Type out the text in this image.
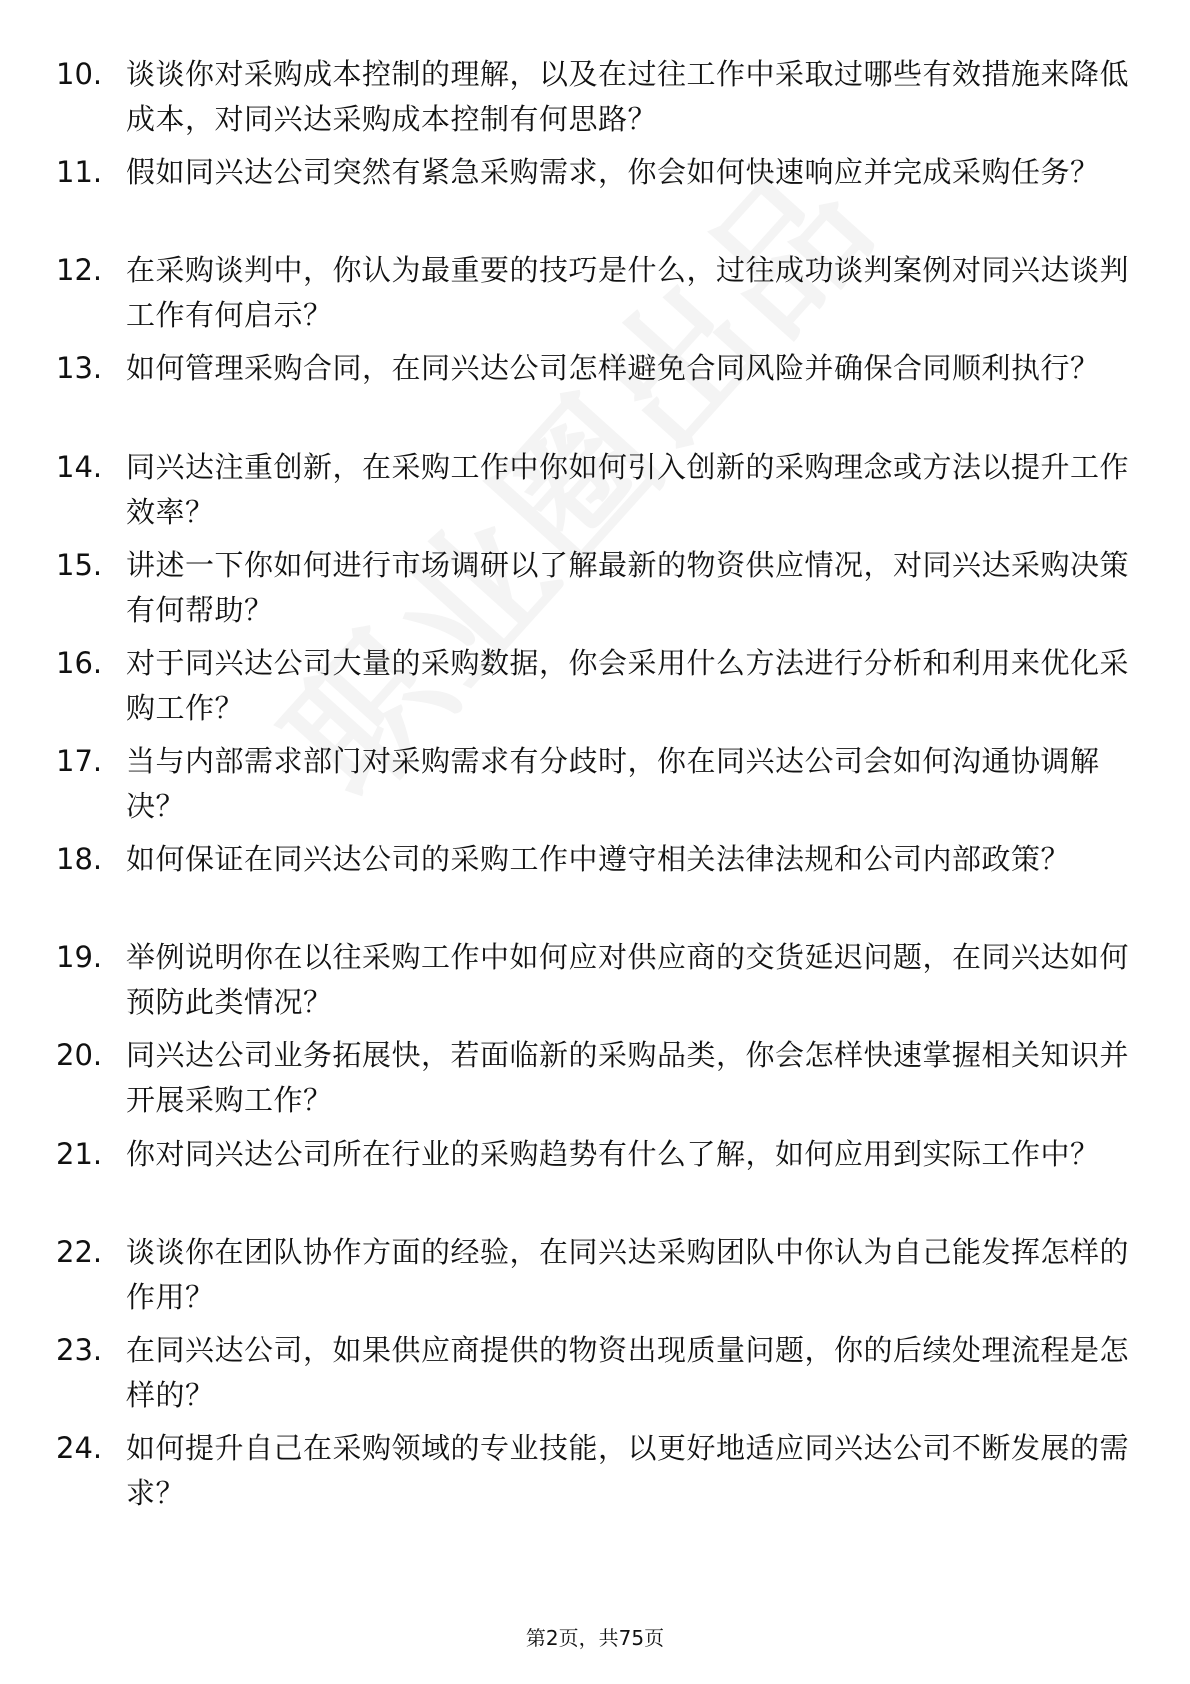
10. 谈谈你对采购成本控制的理解，以及在过往工作中采取过哪些有效措施来降低成本，对同兴达采购成本控制有何思路？
11. 假如同兴达公司突然有紧急采购需求，你会如何快速响应并完成采购任务？
12. 在采购谈判中，你认为最重要的技巧是什么，过往成功谈判案例对同兴达谈判工作有何启示？
13. 如何管理采购合同，在同兴达公司怎样避免合同风险并确保合同顺利执行？
14. 同兴达注重创新，在采购工作中你如何引入创新的采购理念或方法以提升工作效率？
15. 讲述一下你如何进行市场调研以了解最新的物资供应情况，对同兴达采购决策有何帮助？
16. 对于同兴达公司大量的采购数据，你会采用什么方法进行分析和利用来优化采购工作？
17. 当与内部需求部门对采购需求有分歧时，你在同兴达公司会如何沟通协调解决？
18. 如何保证在同兴达公司的采购工作中遵守相关法律法规和公司内部政策？
19. 举例说明你在以往采购工作中如何应对供应商的交货延迟问题，在同兴达如何预防此类情况？
20. 同兴达公司业务拓展快，若面临新的采购品类，你会怎样快速掌握相关知识并开展采购工作？
21. 你对同兴达公司所在行业的采购趋势有什么了解，如何应用到实际工作中？
22. 谈谈你在团队协作方面的经验，在同兴达采购团队中你认为自己能发挥怎样的作用？
23. 在同兴达公司，如果供应商提供的物资出现质量问题，你的后续处理流程是怎样的？
24. 如何提升自己在采购领域的专业技能，以更好地适应同兴达公司不断发展的需求？
第2页，共75页
